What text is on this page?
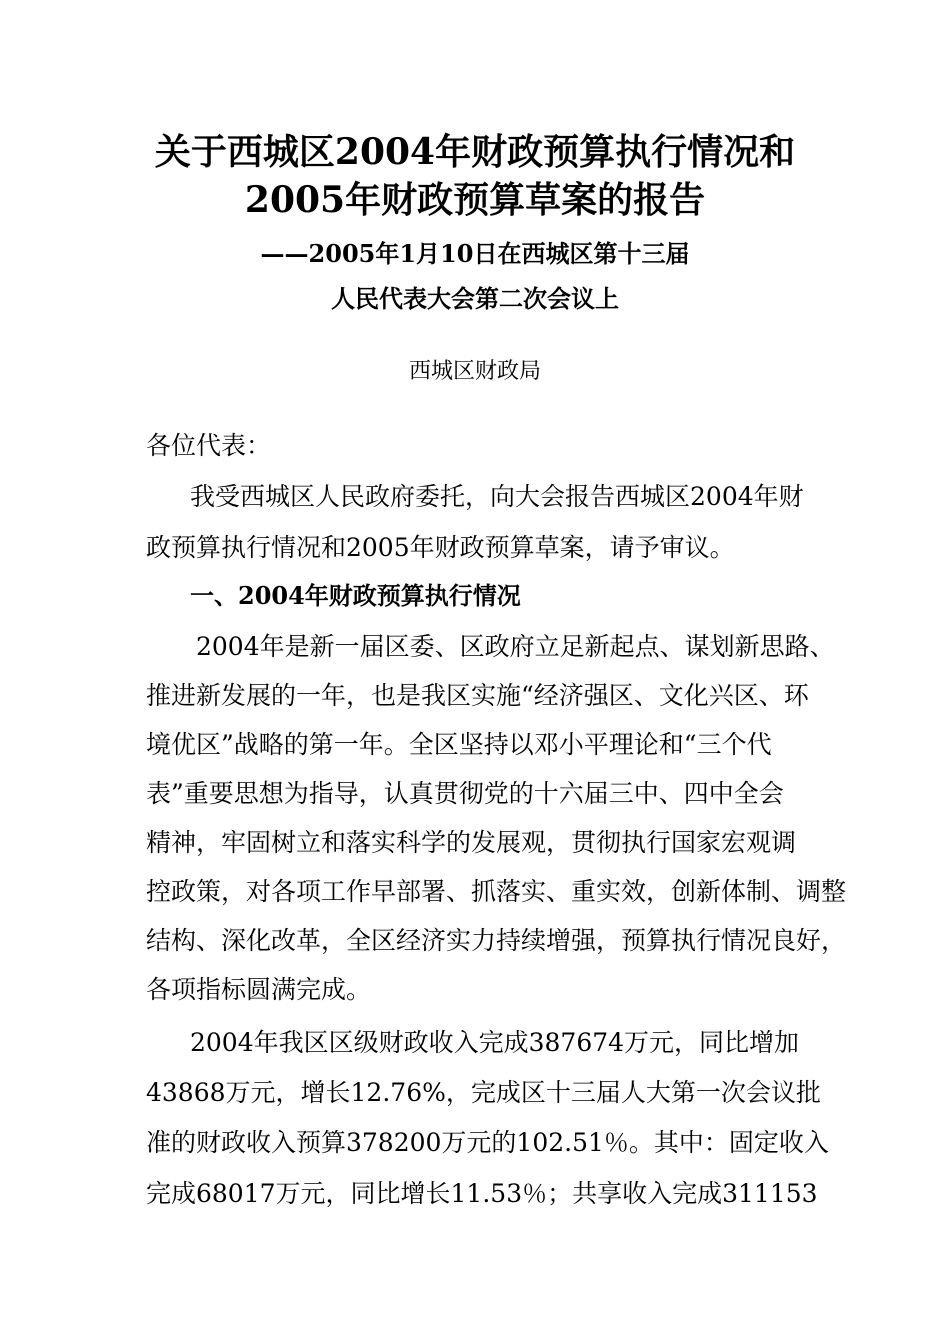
关于西城区2004年财政预算执行情况和
2005年财政预算草案的报告
——2005年1月10日在西城区第十三届
人民代表大会第二次会议上
西城区财政局
各位代表：
我受西城区人民政府委托，向大会报告西城区2004年财
政预算执行情况和2005年财政预算草案，请予审议。
一、2004年财政预算执行情况
2004年是新一届区委、区政府立足新起点、谋划新思路、
推进新发展的一年，也是我区实施“经济强区、文化兴区、环
境优区”战略的第一年。全区坚持以邓小平理论和“三个代
表”重要思想为指导，认真贯彻党的十六届三中、四中全会
精神，牢固树立和落实科学的发展观，贯彻执行国家宏观调
控政策，对各项工作早部署、抓落实、重实效，创新体制、调整
结构、深化改革，全区经济实力持续增强，预算执行情况良好，
各项指标圆满完成。
2004年我区区级财政收入完成387674万元，同比增加
43868万元，增长12.76%，完成区十三届人大第一次会议批
准的财政收入预算378200万元的102.51％。其中：固定收入
完成68017万元，同比增长11.53％；共享收入完成311153
